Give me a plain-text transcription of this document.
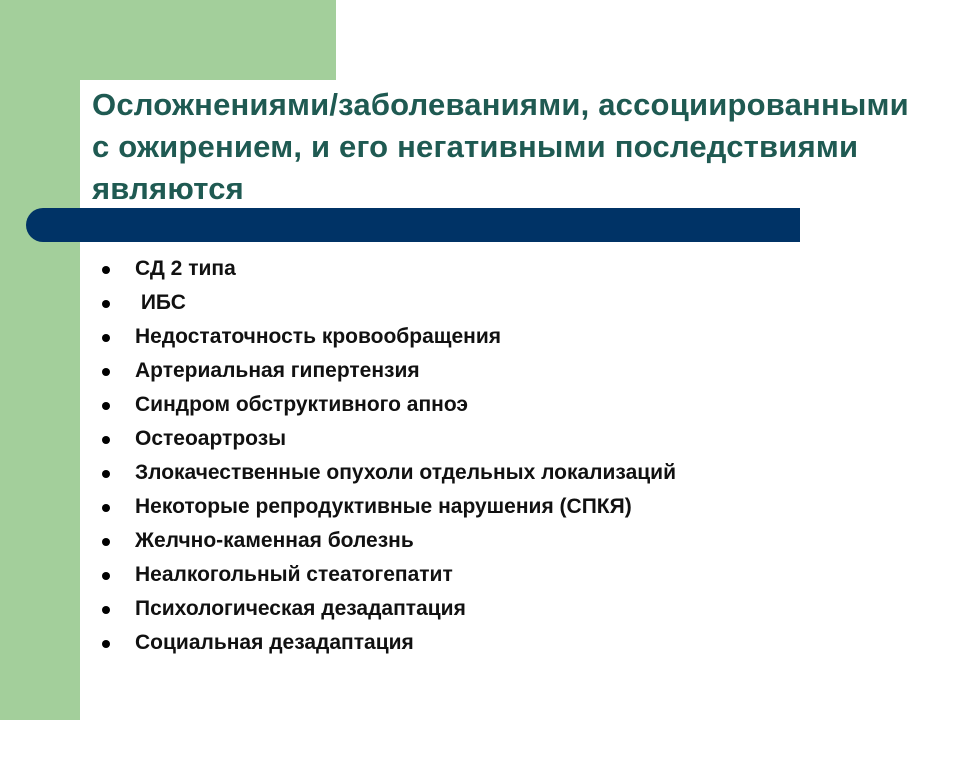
Осложнениями/заболеваниями, ассоциированными с ожирением, и его негативными последствиями являются

СД 2 типа

ИБС

Недостаточность кровообращения

Артериальная гипертензия

Синдром обструктивного апноэ

Остеоартрозы

Злокачественные опухоли отдельных локализаций

Некоторые репродуктивные нарушения (СПКЯ)

Желчно-каменная болезнь

Неалкогольный стеатогепатит

Психологическая дезадаптация

Социальная дезадаптация
